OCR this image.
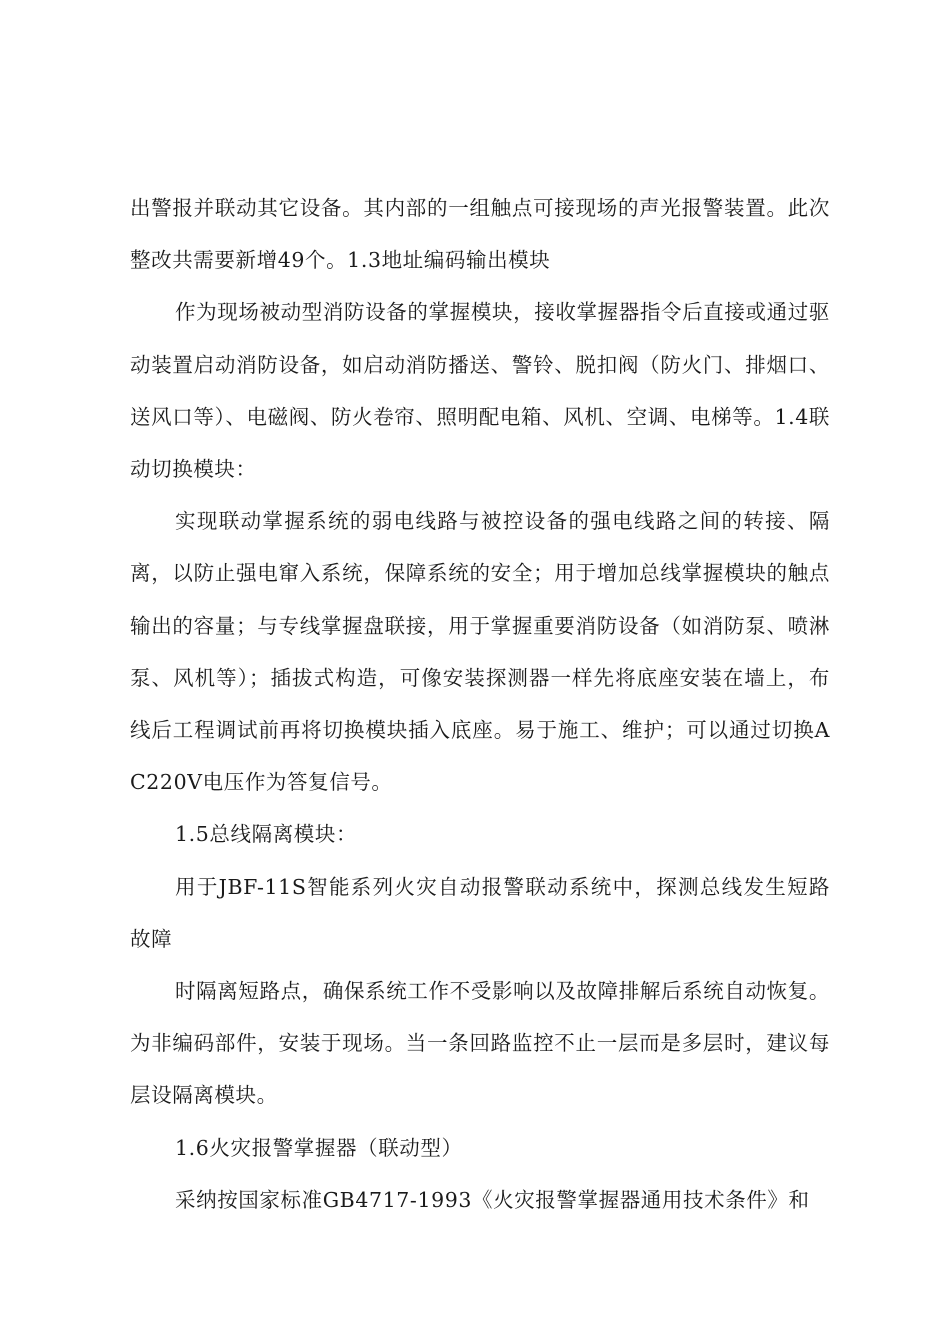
出警报并联动其它设备。其内部的一组触点可接现场的声光报警装置。此次整改共需要新增49个。1.3地址编码输出模块

作为现场被动型消防设备的掌握模块，接收掌握器指令后直接或通过驱动装置启动消防设备，如启动消防播送、警铃、脱扣阀（防火门、排烟口、送风口等）、电磁阀、防火卷帘、照明配电箱、风机、空调、电梯等。1.4联动切换模块：

实现联动掌握系统的弱电线路与被控设备的强电线路之间的转接、隔离，以防止强电窜入系统，保障系统的安全；用于增加总线掌握模块的触点输出的容量；与专线掌握盘联接，用于掌握重要消防设备（如消防泵、喷淋泵、风机等）；插拔式构造，可像安装探测器一样先将底座安装在墙上，布线后工程调试前再将切换模块插入底座。易于施工、维护；可以通过切换AC220V电压作为答复信号。

1.5总线隔离模块：

用于JBF-11S智能系列火灾自动报警联动系统中，探测总线发生短路故障

时隔离短路点，确保系统工作不受影响以及故障排解后系统自动恢复。为非编码部件，安装于现场。当一条回路监控不止一层而是多层时，建议每层设隔离模块。

1.6火灾报警掌握器（联动型）

采纳按国家标准GB4717-1993《火灾报警掌握器通用技术条件》和
